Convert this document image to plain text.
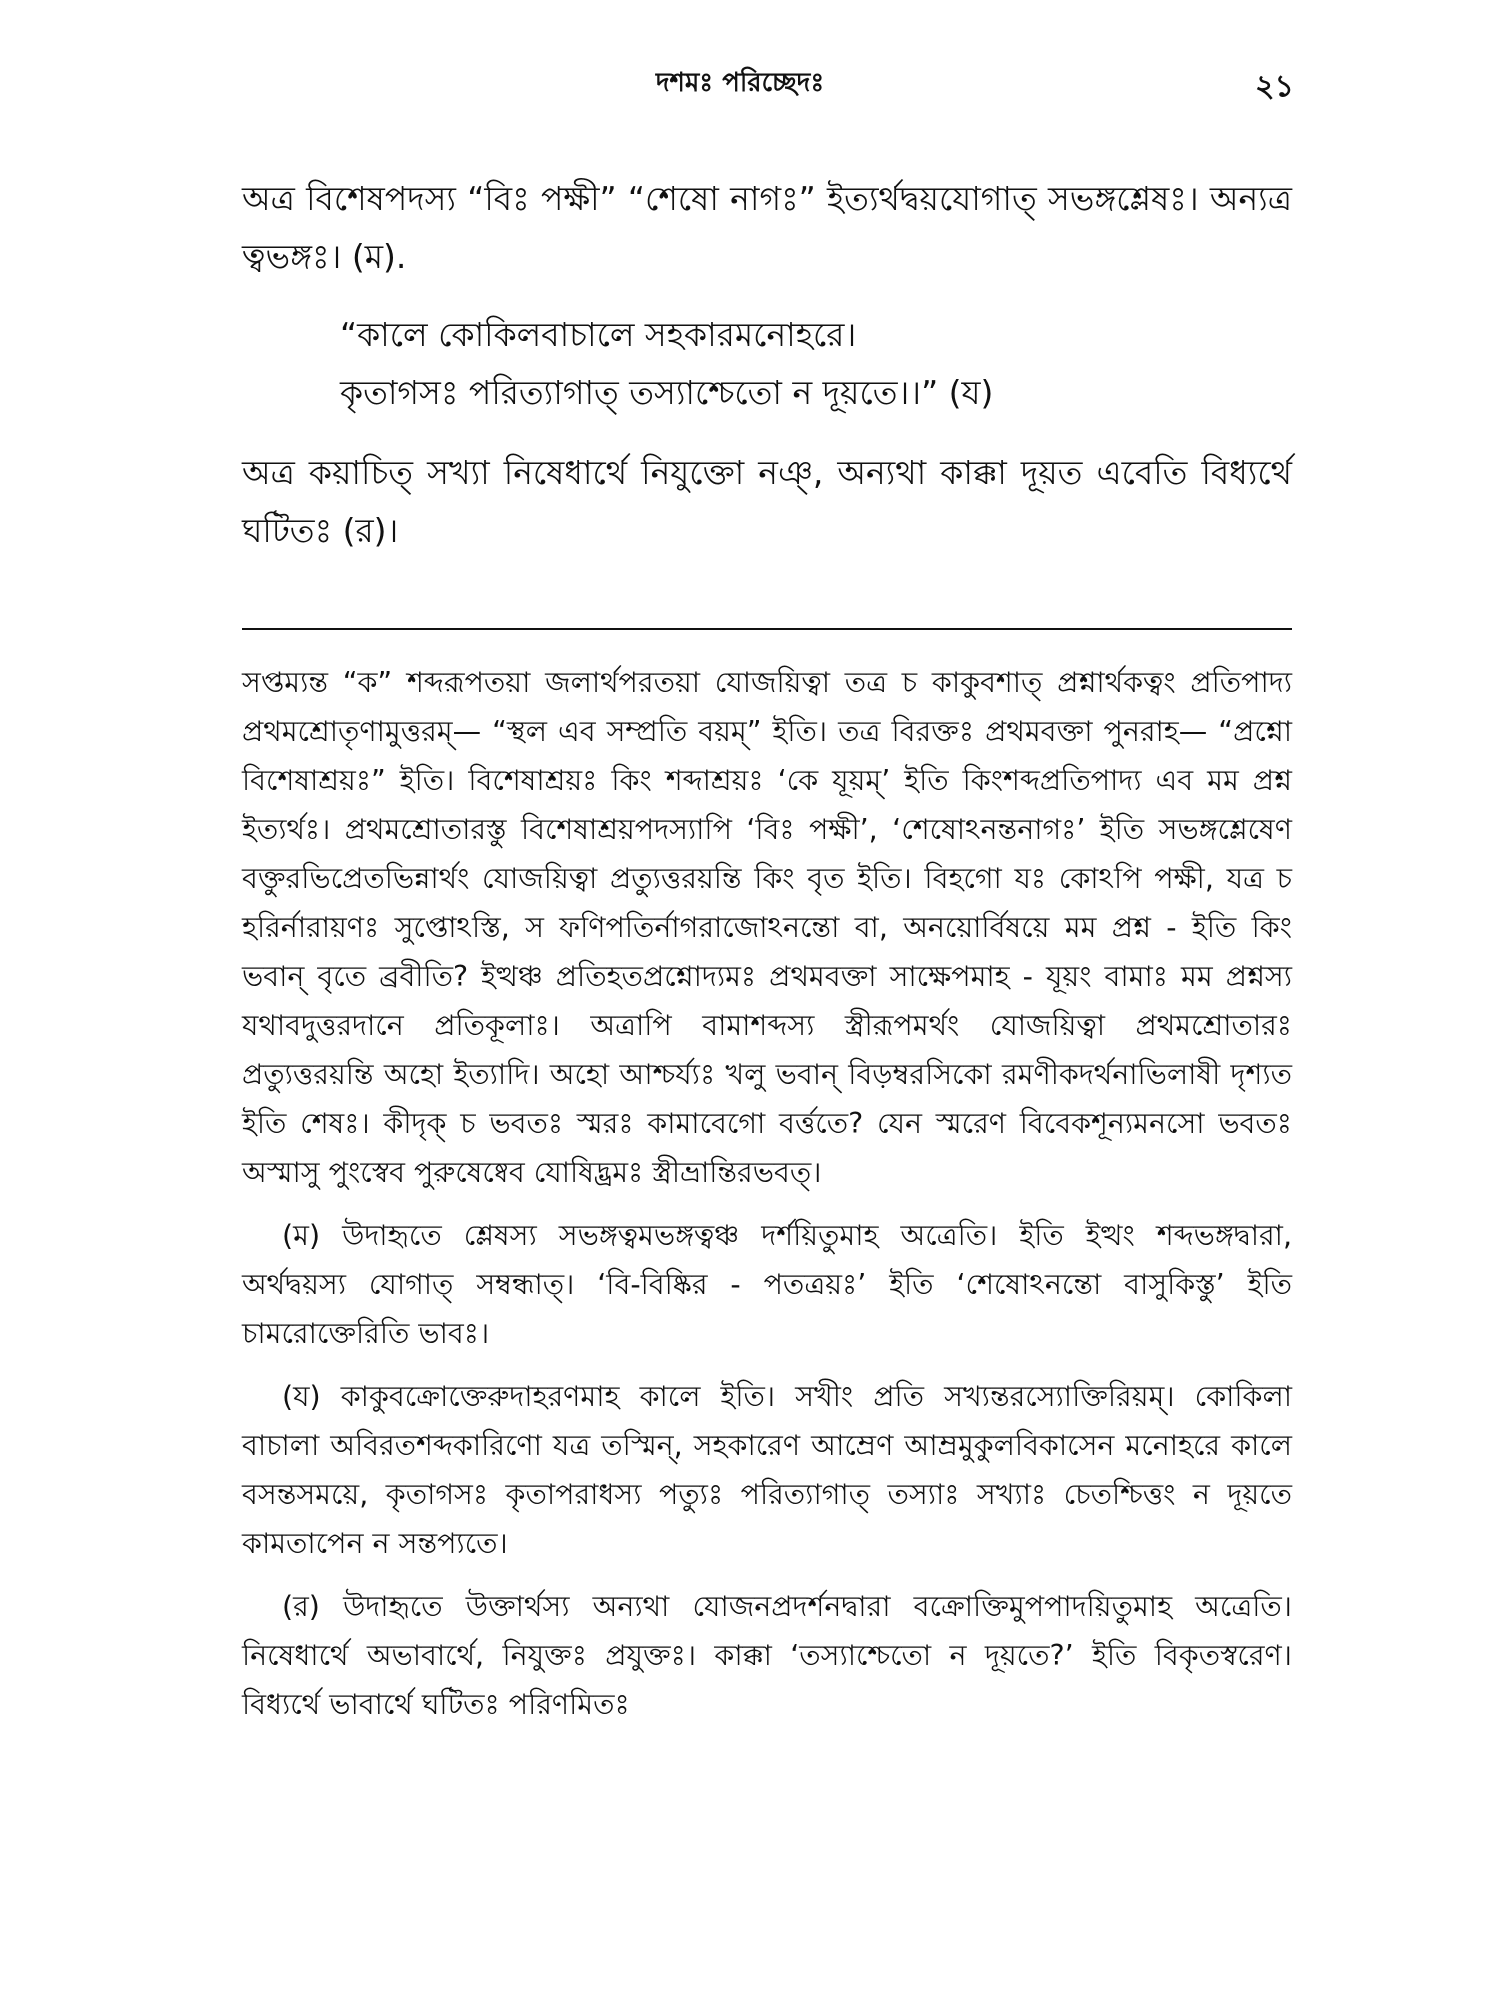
দশমঃ পরিচ্ছেদঃ	২১

অত্র বিশেষপদস্য “বিঃ পক্ষী” “শেষো নাগঃ” ইত্যর্থদ্বয়যোগাত্ সভঙ্গশ্লেষঃ। অন্যত্র ত্বভঙ্গঃ। (ম).

“কালে কোকিলবাচালে সহকারমনোহরে।
কৃতাগসঃ পরিত্যাগাত্ তস্যাশ্চেতো ন দূয়তে।।” (য)

অত্র কয়াচিত্ সখ্যা নিষেধার্থে নিযুক্তো নঞ্, অন্যথা কাক্কা দূয়ত এবেতি বিধ্যর্থে ঘটিতঃ (র)।

সপ্তম্যন্ত “ক” শব্দরূপতয়া জলার্থপরতয়া যোজয়িত্বা তত্র চ কাকুবশাত্ প্রশ্নার্থকত্বং প্রতিপাদ্য প্রথমশ্রোতৃণামুত্তরম্— “স্থল এব সম্প্রতি বয়ম্” ইতি। তত্র বিরক্তঃ প্রথমবক্তা পুনরাহ— “প্রশ্নো বিশেষাশ্রয়ঃ” ইতি। বিশেষাশ্রয়ঃ কিং শব্দাশ্রয়ঃ ‘কে যূয়ম্’ ইতি কিংশব্দপ্রতিপাদ্য এব মম প্রশ্ন ইত্যর্থঃ। প্রথমশ্রোতারস্তু বিশেষাশ্রয়পদস্যাপি ‘বিঃ পক্ষী’, ‘শেষোঽনন্তনাগঃ’ ইতি সভঙ্গশ্লেষেণ বক্তুরভিপ্রেতভিন্নার্থং যোজয়িত্বা প্রত্যুত্তরয়ন্তি কিং বৃত ইতি। বিহগো যঃ কোঽপি পক্ষী, যত্র চ হরির্নারায়ণঃ সুপ্তোঽস্তি, স ফণিপতির্নাগরাজোঽনন্তো বা, অনয়োর্বিষয়ে মম প্রশ্ন - ইতি কিং ভবান্ বৃতে ব্রবীতি? ইত্থঞ্চ প্রতিহতপ্রশ্নোদ্যমঃ প্রথমবক্তা সাক্ষেপমাহ - যূয়ং বামাঃ মম প্রশ্নস্য যথাবদুত্তরদানে প্রতিকূলাঃ। অত্রাপি বামাশব্দস্য স্ত্রীরূপমর্থং যোজয়িত্বা প্রথমশ্রোতারঃ প্রত্যুত্তরয়ন্তি অহো ইত্যাদি। অহো আশ্চর্য্যঃ খলু ভবান্ বিড়ম্বরসিকো রমণীকদর্থনাভিলাষী দৃশ্যত ইতি শেষঃ। কীদৃক্ চ ভবতঃ স্মরঃ কামাবেগো বর্ত্ততে? যেন স্মরেণ বিবেকশূন্যমনসো ভবতঃ অস্মাসু পুংস্বেব পুরুষেষ্বেব যোষিদ্ভ্রমঃ স্ত্রীভ্রান্তিরভবত্।

(ম) উদাহৃতে শ্লেষস্য সভঙ্গত্বমভঙ্গত্বঞ্চ দর্শয়িতুমাহ অত্রেতি। ইতি ইত্থং শব্দভঙ্গদ্বারা, অর্থদ্বয়স্য যোগাত্ সম্বন্ধাত্। ‘বি-বিষ্কির - পতত্রয়ঃ’ ইতি ‘শেষোঽনন্তো বাসুকিস্তু’ ইতি চামরোক্তেরিতি ভাবঃ।

(য) কাকুবক্রোক্তেরুদাহরণমাহ কালে ইতি। সখীং প্রতি সখ্যন্তরস্যোক্তিরিয়ম্। কোকিলা বাচালা অবিরতশব্দকারিণো যত্র তস্মিন্, সহকারেণ আম্রেণ আম্রমুকুলবিকাসেন মনোহরে কালে বসন্তসময়ে, কৃতাগসঃ কৃতাপরাধস্য পত্যুঃ পরিত্যাগাত্ তস্যাঃ সখ্যাঃ চেতশ্চিত্তং ন দূয়তে কামতাপেন ন সন্তপ্যতে।

(র) উদাহৃতে উক্তার্থস্য অন্যথা যোজনপ্রদর্শনদ্বারা বক্রোক্তিমুপপাদয়িতুমাহ অত্রেতি। নিষেধার্থে অভাবার্থে, নিযুক্তঃ প্রযুক্তঃ। কাক্কা ‘তস্যাশ্চেতো ন দূয়তে?’ ইতি বিকৃতস্বরেণ। বিধ্যর্থে ভাবার্থে ঘটিতঃ পরিণমিতঃ
